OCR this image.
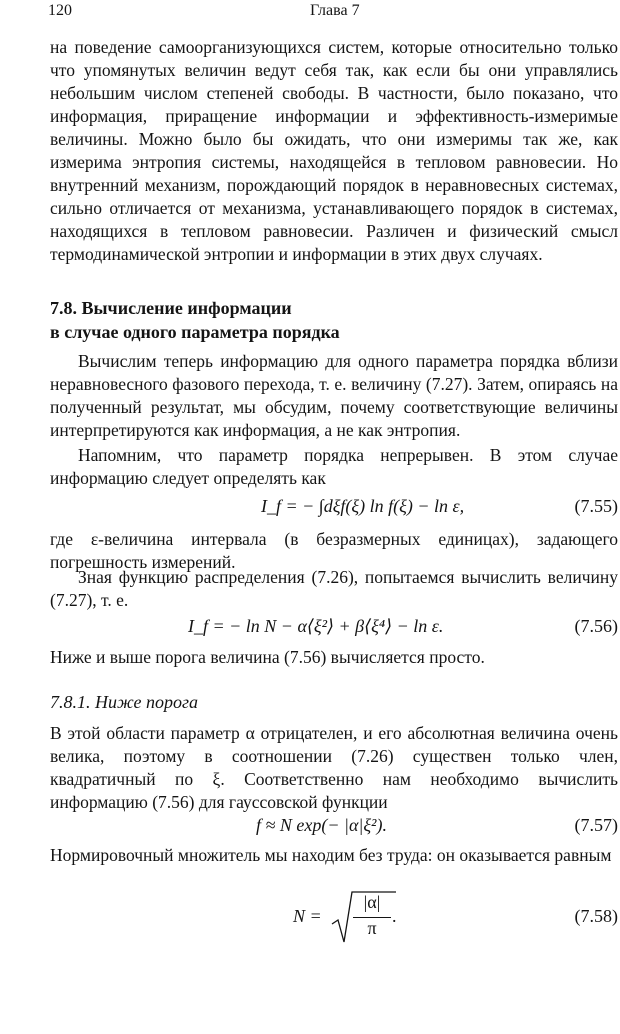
120	Глава 7

на поведение самоорганизующихся систем, которые относительно только что упомянутых величин ведут себя так, как если бы они управлялись небольшим числом степеней свободы. В частности, было показано, что информация, приращение информации и эффективность-измеримые величины. Можно было бы ожидать, что они измеримы так же, как измерима энтропия системы, находящейся в тепловом равновесии. Но внутренний механизм, порождающий порядок в неравновесных системах, сильно отличается от механизма, устанавливающего порядок в системах, находящихся в тепловом равновесии. Различен и физический смысл термодинамической энтропии и информации в этих двух случаях.

7.8. Вычисление информации
в случае одного параметра порядка

Вычислим теперь информацию для одного параметра порядка вблизи неравновесного фазового перехода, т. е. величину (7.27). Затем, опираясь на полученный результат, мы обсудим, почему соответствующие величины интерпретируются как информация, а не как энтропия.

Напомним, что параметр порядка непрерывен. В этом случае информацию следует определять как

I_f = − ∫dξf(ξ) ln f(ξ) − ln ε,	(7.55)

где ε-величина интервала (в безразмерных единицах), задающего погрешность измерений.

Зная функцию распределения (7.26), попытаемся вычислить величину (7.27), т. е.

I_f = − ln N − α⟨ξ²⟩ + β⟨ξ⁴⟩ − ln ε.	(7.56)

Ниже и выше порога величина (7.56) вычисляется просто.

7.8.1. Ниже порога

В этой области параметр α отрицателен, и его абсолютная величина очень велика, поэтому в соотношении (7.26) существен только член, квадратичный по ξ. Соответственно нам необходимо вычислить информацию (7.56) для гауссовской функции

f ≈ N exp(− |α|ξ²).	(7.57)

Нормировочный множитель мы находим без труда: он оказывается равным

N =
|α|
π
.	(7.58)
